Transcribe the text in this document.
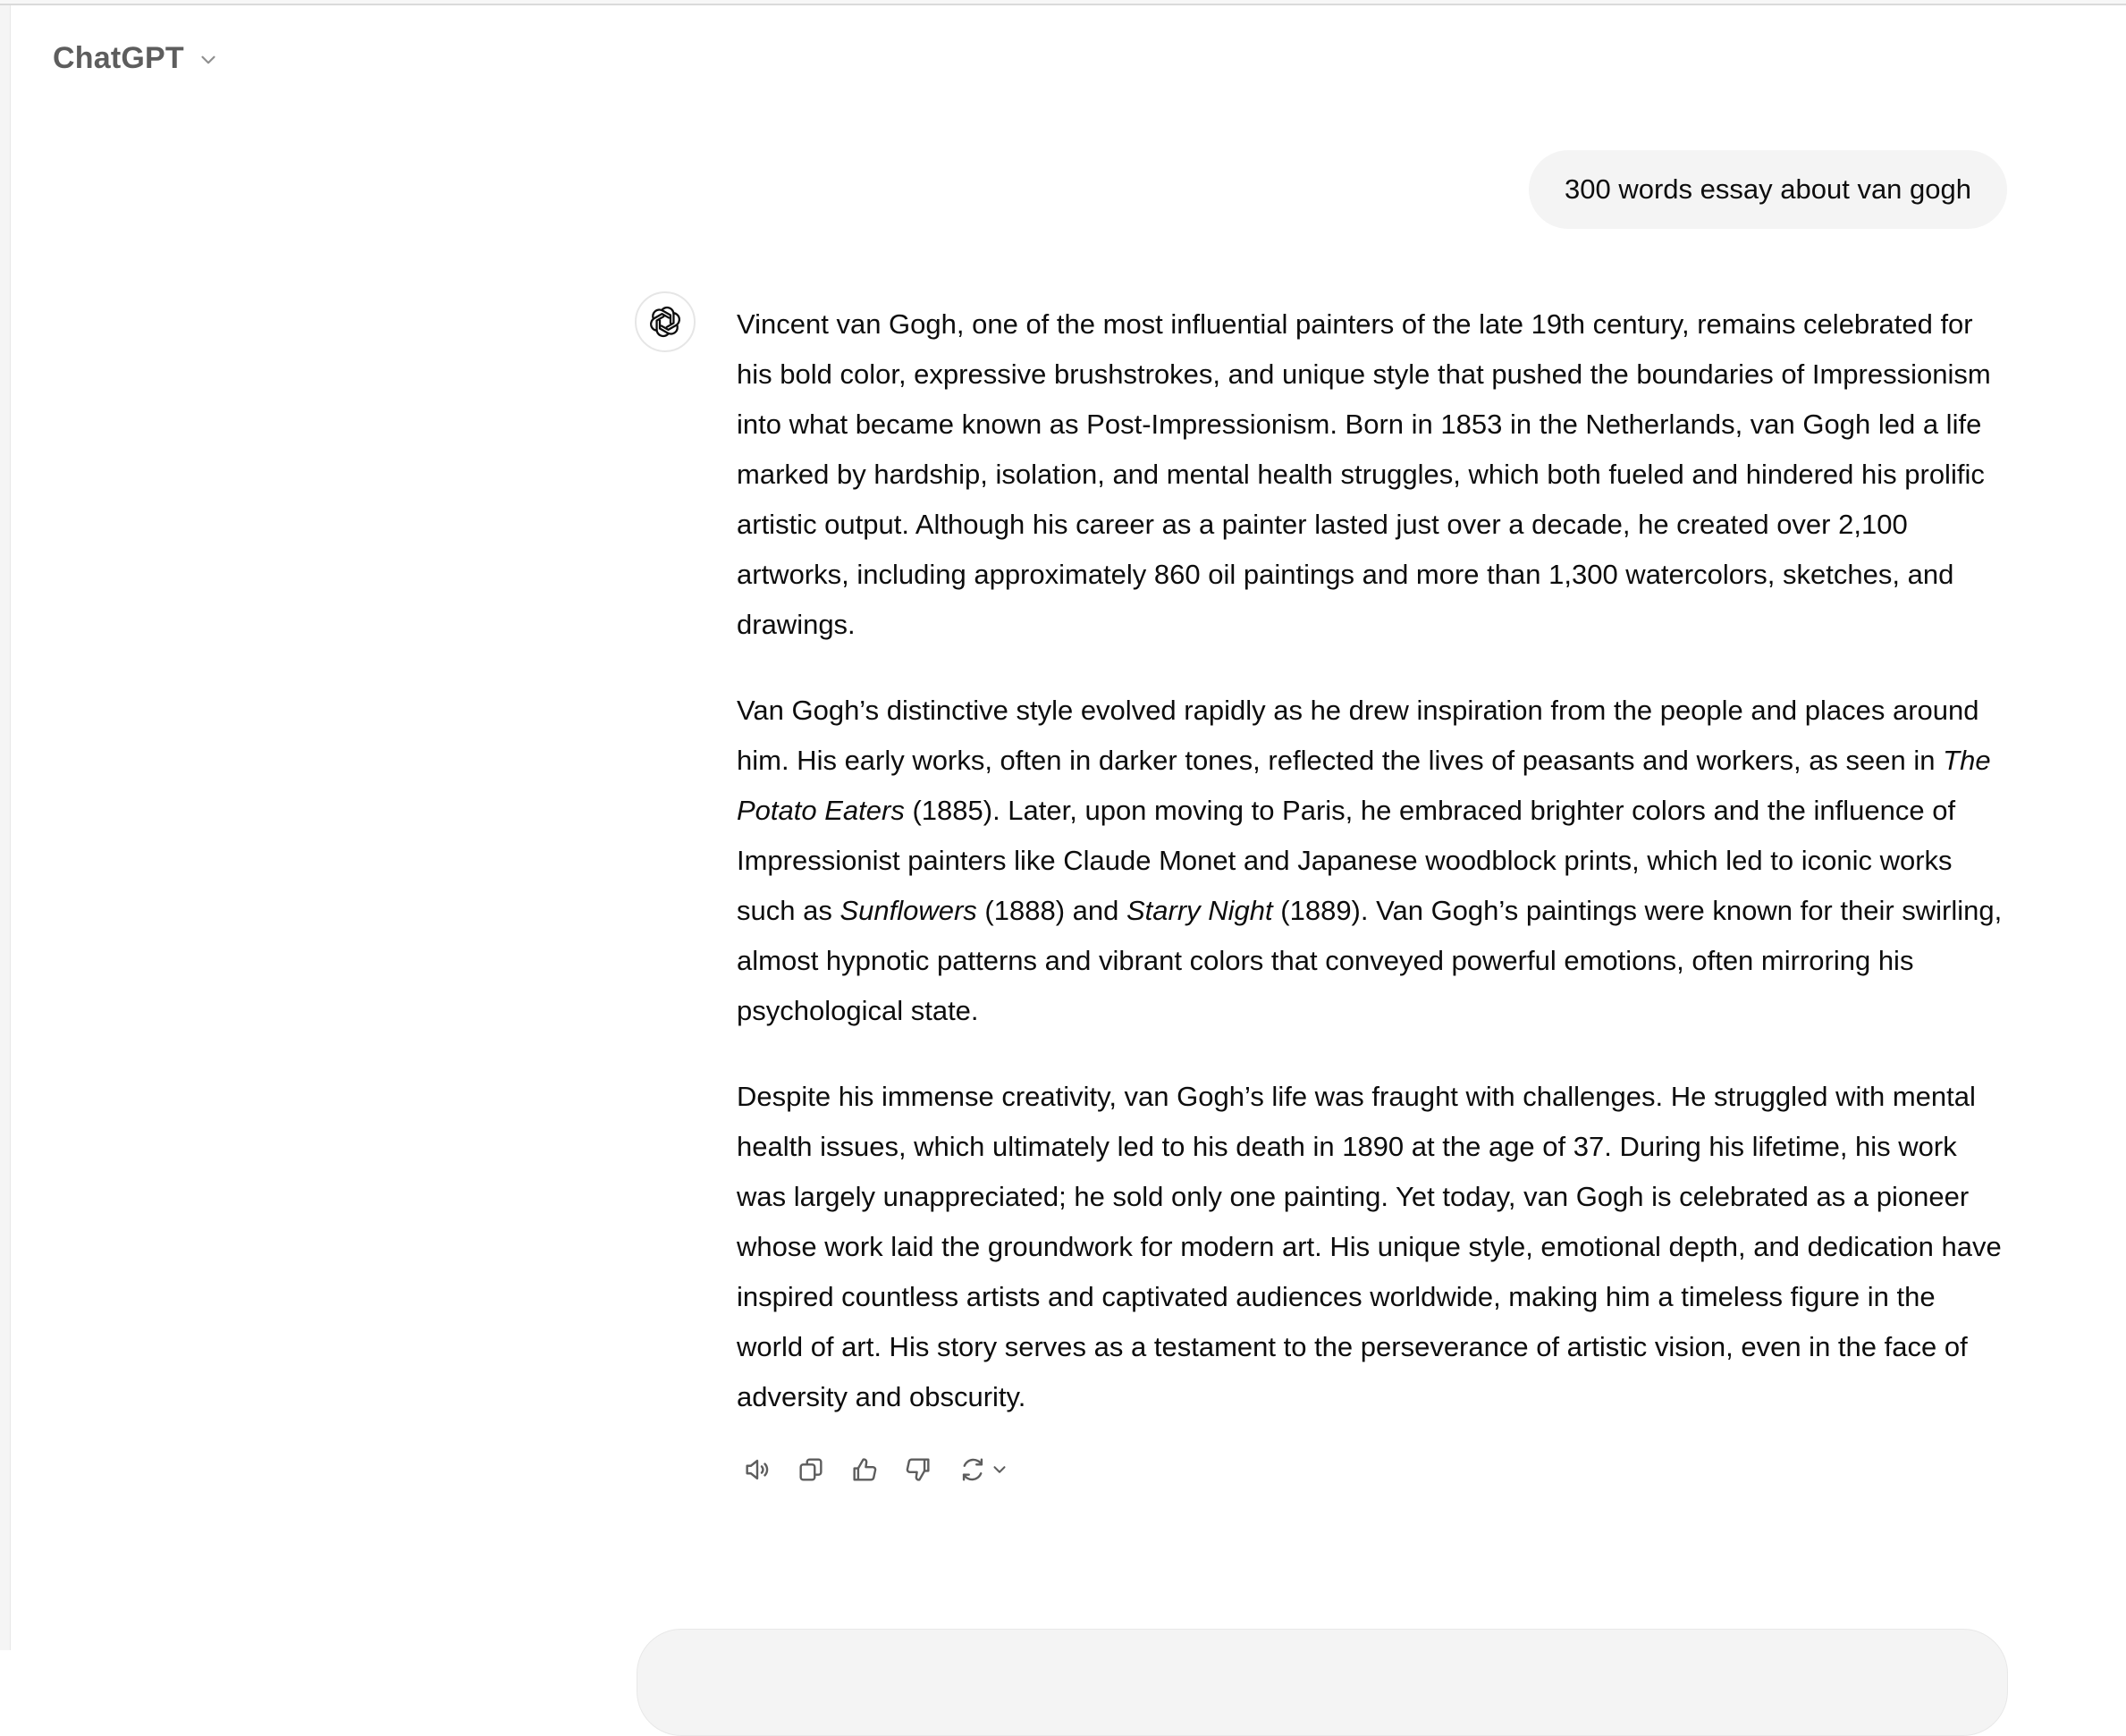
ChatGPT
300 words essay about van gogh

Vincent van Gogh, one of the most influential painters of the late 19th century, remains celebrated for his bold color, expressive brushstrokes, and unique style that pushed the boundaries of Impressionism into what became known as Post-Impressionism. Born in 1853 in the Netherlands, van Gogh led a life marked by hardship, isolation, and mental health struggles, which both fueled and hindered his prolific artistic output. Although his career as a painter lasted just over a decade, he created over 2,100 artworks, including approximately 860 oil paintings and more than 1,300 watercolors, sketches, and drawings.

Van Gogh’s distinctive style evolved rapidly as he drew inspiration from the people and places around him. His early works, often in darker tones, reflected the lives of peasants and workers, as seen in The Potato Eaters (1885). Later, upon moving to Paris, he embraced brighter colors and the influence of Impressionist painters like Claude Monet and Japanese woodblock prints, which led to iconic works such as Sunflowers (1888) and Starry Night (1889). Van Gogh’s paintings were known for their swirling, almost hypnotic patterns and vibrant colors that conveyed powerful emotions, often mirroring his psychological state.

Despite his immense creativity, van Gogh’s life was fraught with challenges. He struggled with mental health issues, which ultimately led to his death in 1890 at the age of 37. During his lifetime, his work was largely unappreciated; he sold only one painting. Yet today, van Gogh is celebrated as a pioneer whose work laid the groundwork for modern art. His unique style, emotional depth, and dedication have inspired countless artists and captivated audiences worldwide, making him a timeless figure in the world of art. His story serves as a testament to the perseverance of artistic vision, even in the face of adversity and obscurity.
